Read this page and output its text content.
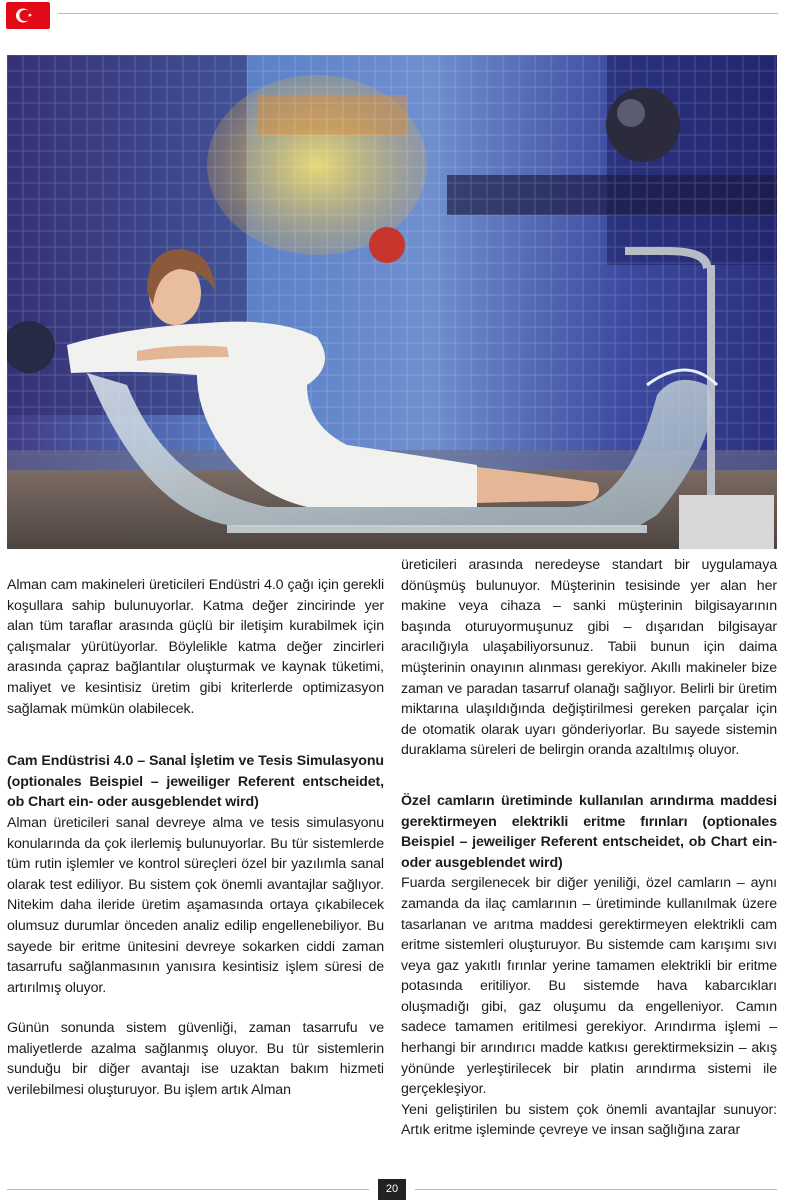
Alman cam makineleri üreticileri Endüstri 4.0 çağı için gerekli koşullara sahip bulunuyorlar. Katma değer zincirinde yer alan tüm taraflar arasında güçlü bir iletişim kurabilmek için çalışmalar yürütüyorlar. Böylelikle katma değer zincirleri arasında çapraz bağlantılar oluşturmak ve kaynak tüketimi, maliyet ve kesintisiz üretim gibi kriterlerde optimizasyon sağlamak mümkün olabilecek.

Cam Endüstrisi 4.0 – Sanal İşletim ve Tesis Simulasyonu (optionales Beispiel – jeweiliger Referent entscheidet, ob Chart ein- oder ausgeblendet wird)

Alman üreticileri sanal devreye alma ve tesis simulasyonu konularında da çok ilerlemiş bulunuyorlar. Bu tür sistemlerde tüm rutin işlemler ve kontrol süreçleri özel bir yazılımla sanal olarak test ediliyor. Bu sistem çok önemli avantajlar sağlıyor. Nitekim daha ileride üretim aşamasında ortaya çıkabilecek olumsuz durumlar önceden analiz edilip engellenebiliyor. Bu sayede bir eritme ünitesini devreye sokarken ciddi zaman tasarrufu sağlanmasının yanısıra kesintisiz işlem süresi de artırılmış oluyor.

Günün sonunda sistem güvenliği, zaman tasarrufu ve maliyetlerde azalma sağlanmış oluyor. Bu tür sistemlerin sunduğu bir diğer avantajı ise uzaktan bakım hizmeti verilebilmesi oluşturuyor. Bu işlem artık Alman

üreticileri arasında neredeyse standart bir uygulamaya dönüşmüş bulunuyor. Müşterinin tesisinde yer alan her makine veya cihaza – sanki müşterinin bilgisayarının başında oturuyormuşunuz gibi – dışarıdan bilgisayar aracılığıyla ulaşabiliyorsunuz. Tabii bunun için daima müşterinin onayının alınması gerekiyor. Akıllı makineler bize zaman ve paradan tasarruf olanağı sağlıyor. Belirli bir üretim miktarına ulaşıldığında değiştirilmesi gereken parçalar için de otomatik olarak uyarı gönderiyorlar. Bu sayede sistemin duraklama süreleri de belirgin oranda azaltılmış oluyor.

Özel camların üretiminde kullanılan arındırma maddesi gerektirmeyen elektrikli eritme fırınları (optionales Beispiel – jeweiliger Referent entscheidet, ob Chart ein- oder ausgeblendet wird)

Fuarda sergilenecek bir diğer yeniliği, özel camların – aynı zamanda da ilaç camlarının – üretiminde kullanılmak üzere tasarlanan ve arıtma maddesi gerektirmeyen elektrikli cam eritme sistemleri oluşturuyor. Bu sistemde cam karışımı sıvı veya gaz yakıtlı fırınlar yerine tamamen elektrikli bir eritme potasında eritiliyor. Bu sistemde hava kabarcıkları oluşmadığı gibi, gaz oluşumu da engelleniyor. Camın sadece tamamen eritilmesi gerekiyor. Arındırma işlemi –herhangi bir arındırıcı madde katkısı gerektirmeksizin – akış yönünde yerleştirilecek bir platin arındırma sistemi ile gerçekleşiyor.

Yeni geliştirilen bu sistem çok önemli avantajlar sunuyor: Artık eritme işleminde çevreye ve insan sağlığına zarar

20
